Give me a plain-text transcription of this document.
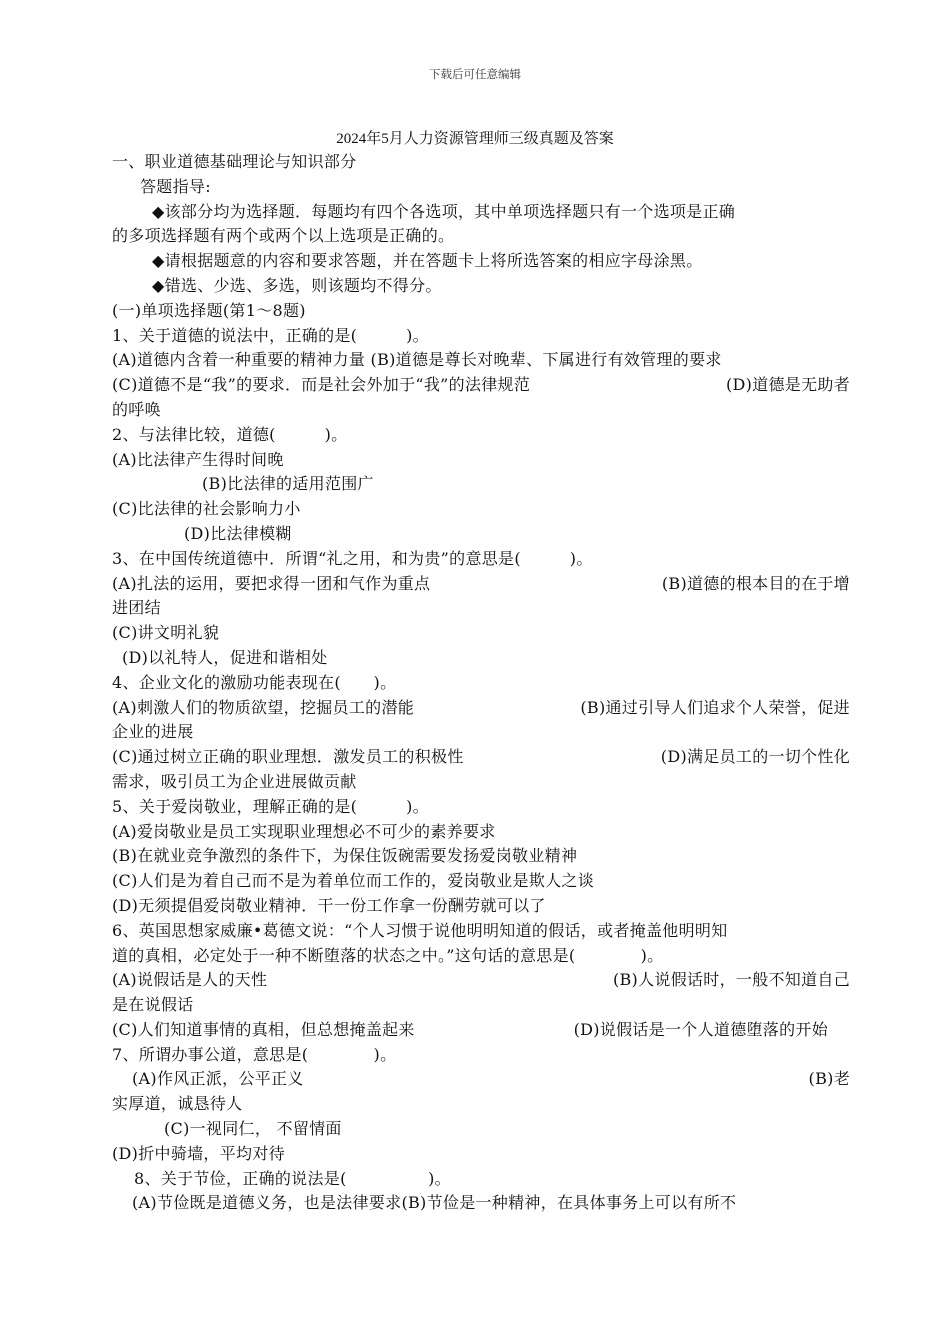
下载后可任意编辑
2024年5月人力资源管理师三级真题及答案
一、职业道德基础理论与知识部分
答题指导:
◆该部分均为选择题．每题均有四个各选项，其中单项选择题只有一个选项是正确
的多项选择题有两个或两个以上选项是正确的。
◆请根据题意的内容和要求答题，并在答题卡上将所选答案的相应字母涂黑。
◆错选、少选、多选，则该题均不得分。
(一)单项选择题(第1～8题)
1、关于道德的说法中，正确的是(　　　)。
(A)道德内含着一种重要的精神力量 (B)道德是尊长对晚辈、下属进行有效管理的要求
(C)道德不是“我”的要求．而是社会外加于“我”的法律规范	(D)道德是无助者
的呼唤
2、与法律比较，道德(　　　)。
(A)比法律产生得时间晚
(B)比法律的适用范围广
(C)比法律的社会影响力小
(D)比法律模糊
3、在中国传统道德中．所谓“礼之用，和为贵”的意思是(　　　)。
(A)扎法的运用，要把求得一团和气作为重点	(B)道德的根本目的在于增
进团结
(C)讲文明礼貌
(D)以礼特人，促进和谐相处
4、企业文化的激励功能表现在(　　)。
(A)刺激人们的物质欲望，挖掘员工的潜能	(B)通过引导人们追求个人荣誉，促进
企业的进展
(C)通过树立正确的职业理想．激发员工的积极性	(D)满足员工的一切个性化
需求，吸引员工为企业进展做贡献
5、关于爱岗敬业，理解正确的是(　　　)。
(A)爱岗敬业是员工实现职业理想必不可少的素养要求
(B)在就业竞争激烈的条件下，为保住饭碗需要发扬爱岗敬业精神
(C)人们是为着自己而不是为着单位而工作的，爱岗敬业是欺人之谈
(D)无须提倡爱岗敬业精神．干一份工作拿一份酬劳就可以了
6、英国思想家威廉•葛德文说：“个人习惯于说他明明知道的假话，或者掩盖他明明知
道的真相，必定处于一种不断堕落的状态之中。”这句话的意思是(　　　　)。
(A)说假话是人的天性	(B)人说假话时，一般不知道自己
是在说假话
(C)人们知道事情的真相，但总想掩盖起来	(D)说假话是一个人道德堕落的开始
7、所谓办事公道，意思是(　　　　)。
(A)作风正派，公平正义	(B)老
实厚道，诚恳待人
(C)一视同仁， 不留情面
(D)折中骑墙，平均对待
8、关于节俭，正确的说法是(　　　　　)。
(A)节俭既是道德义务，也是法律要求(B)节俭是一种精神，在具体事务上可以有所不
